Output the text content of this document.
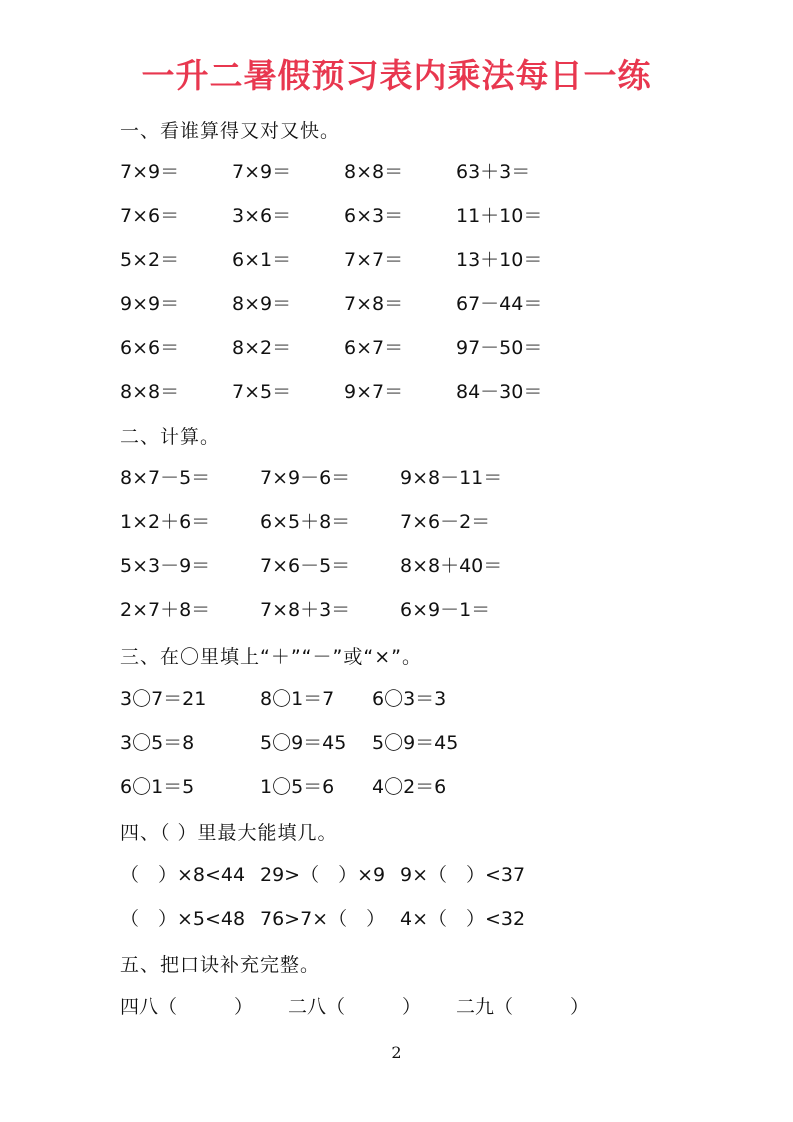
一升二暑假预习表内乘法每日一练
一、看谁算得又对又快。
7×9＝	7×9＝	8×8＝	63＋3＝
7×6＝	3×6＝	6×3＝	11＋10＝
5×2＝	6×1＝	7×7＝	13＋10＝
9×9＝	8×9＝	7×8＝	67－44＝
6×6＝	8×2＝	6×7＝	97－50＝
8×8＝	7×5＝	9×7＝	84－30＝
二、计算。
8×7－5＝	7×9－6＝	9×8－11＝
1×2＋6＝	6×5＋8＝	7×6－2＝
5×3－9＝	7×6－5＝	8×8＋40＝
2×7＋8＝	7×8＋3＝	6×9－1＝
三、在〇里填上“＋”“－”或“×”。
3〇7＝21	8〇1＝7 6〇3＝3
3〇5＝8	5〇9＝45 5〇9＝45
6〇1＝5	1〇5＝6 4〇2＝6
四、（ ）里最大能填几。
（　）×8<44 29>（　）×9 9×（　）<37
（　）×5<48 76>7×（　） 4×（　）<32
五、把口诀补充完整。
四八（　　　） 二八（　　　） 二九（　　　）
2
